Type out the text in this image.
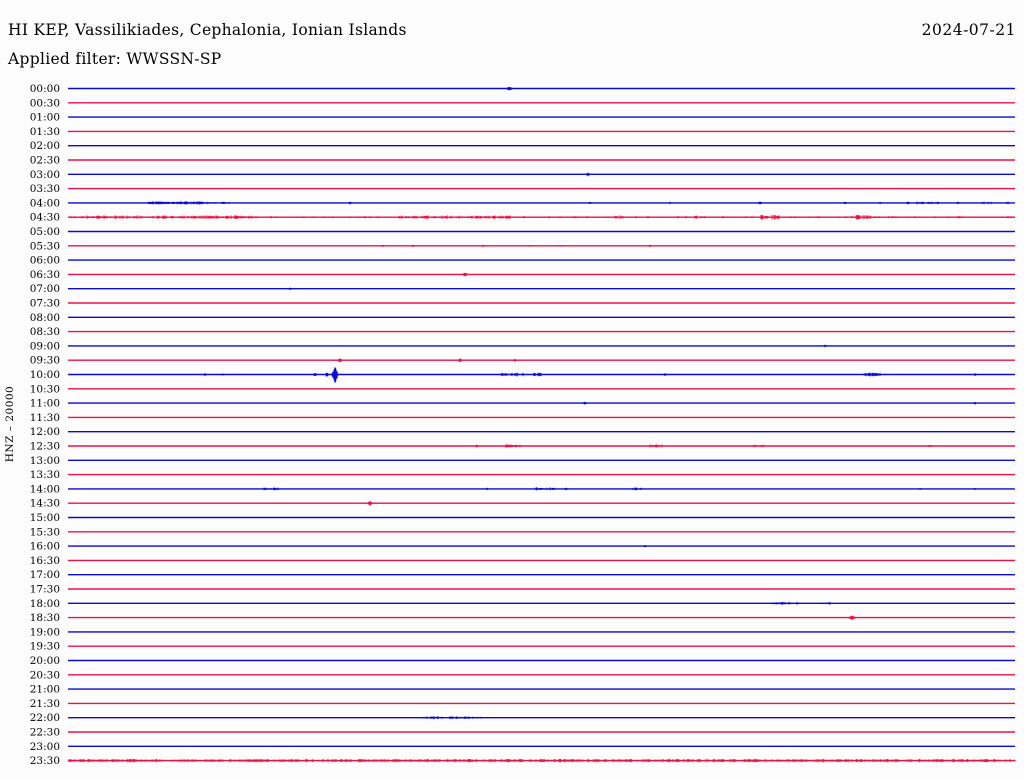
HI KEP, Vassilikiades, Cephalonia, Ionian Islands	2024-07-21
Applied filter: WWSSN-SP
HNZ – 20000
00:00
00:30
01:00
01:30
02:00
02:30
03:00
03:30
04:00
04:30
05:00
05:30
06:00
06:30
07:00
07:30
08:00
08:30
09:00
09:30
10:00
10:30
11:00
11:30
12:00
12:30
13:00
13:30
14:00
14:30
15:00
15:30
16:00
16:30
17:00
17:30
18:00
18:30
19:00
19:30
20:00
20:30
21:00
21:30
22:00
22:30
23:00
23:30
